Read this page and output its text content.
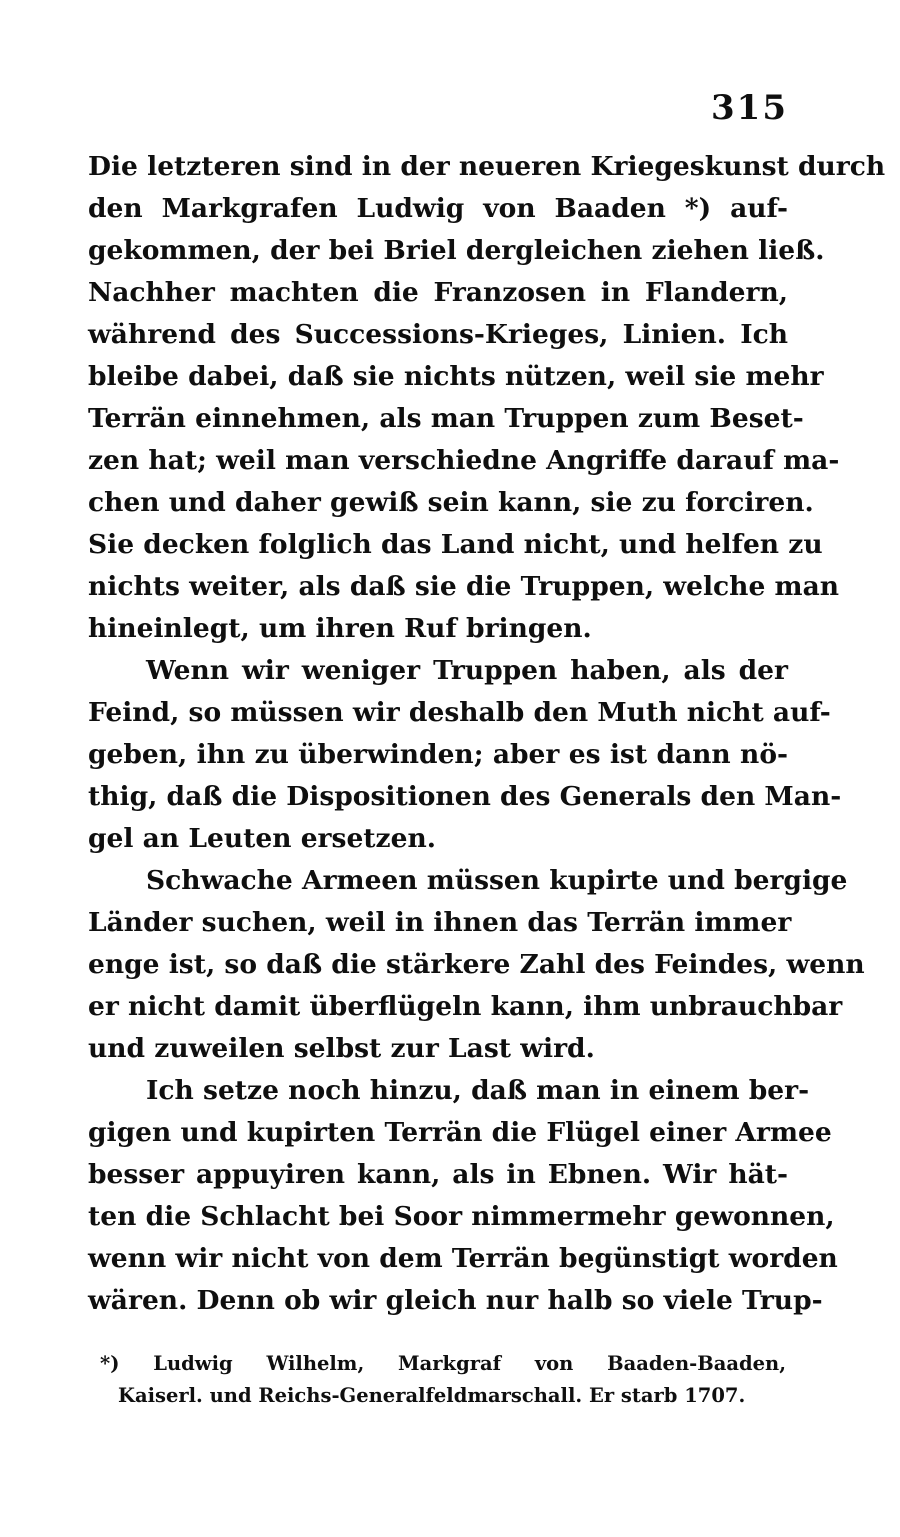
315
Die letzteren sind in der neueren Kriegeskunst durch
den Markgrafen Ludwig von Baaden *) auf-
gekommen, der bei Briel dergleichen ziehen ließ.
Nachher machten die Franzosen in Flandern,
während des Successions-Krieges, Linien. Ich
bleibe dabei, daß sie nichts nützen, weil sie mehr
Terrän einnehmen, als man Truppen zum Beset-
zen hat; weil man verschiedne Angriffe darauf ma-
chen und daher gewiß sein kann, sie zu forciren.
Sie decken folglich das Land nicht, und helfen zu
nichts weiter, als daß sie die Truppen, welche man
hineinlegt, um ihren Ruf bringen.
Wenn wir weniger Truppen haben, als der
Feind, so müssen wir deshalb den Muth nicht auf-
geben, ihn zu überwinden; aber es ist dann nö-
thig, daß die Dispositionen des Generals den Man-
gel an Leuten ersetzen.
Schwache Armeen müssen kupirte und bergige
Länder suchen, weil in ihnen das Terrän immer
enge ist, so daß die stärkere Zahl des Feindes, wenn
er nicht damit überflügeln kann, ihm unbrauchbar
und zuweilen selbst zur Last wird.
Ich setze noch hinzu, daß man in einem ber-
gigen und kupirten Terrän die Flügel einer Armee
besser appuyiren kann, als in Ebnen. Wir hät-
ten die Schlacht bei Soor nimmermehr gewonnen,
wenn wir nicht von dem Terrän begünstigt worden
wären. Denn ob wir gleich nur halb so viele Trup-
*) Ludwig Wilhelm, Markgraf von Baaden-Baaden,
Kaiserl. und Reichs-Generalfeldmarschall. Er starb 1707.
